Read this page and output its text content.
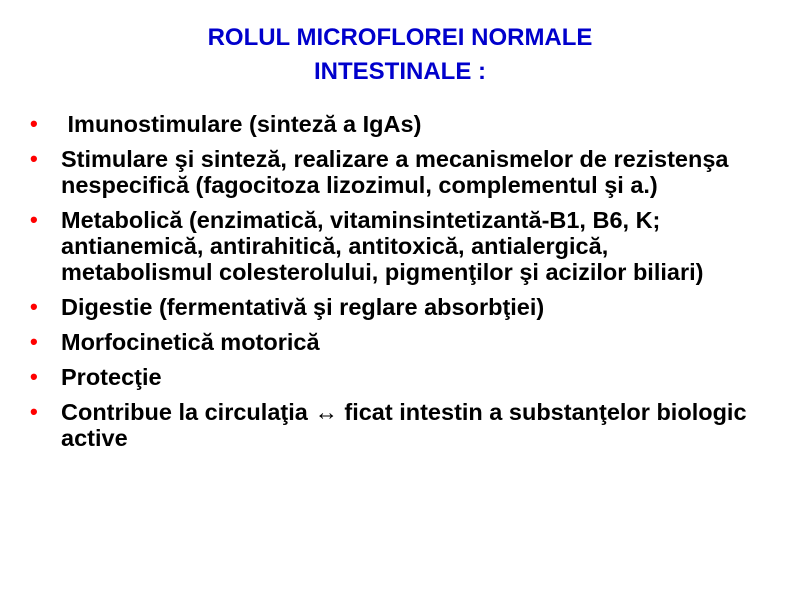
ROLUL MICROFLOREI NORMALE
INTESTINALE :
• Imunostimulare (sinteză a IgAs)
• Stimulare şi sinteză, realizare a mecanismelor de rezistenşa nespecifică (fagocitoza lizozimul, complementul şi a.)
• Metabolică (enzimatică, vitaminsintetizantă-B1, B6, K; antianemică, antirahitică, antitoxică, antialergică, metabolismul colesterolului, pigmenţilor şi acizilor biliari)
• Digestie (fermentativă şi reglare absorbţiei)
• Morfocinetică motorică
• Protecţie
• Contribue la circulaţia ↔ ficat intestin a substanţelor biologic active
